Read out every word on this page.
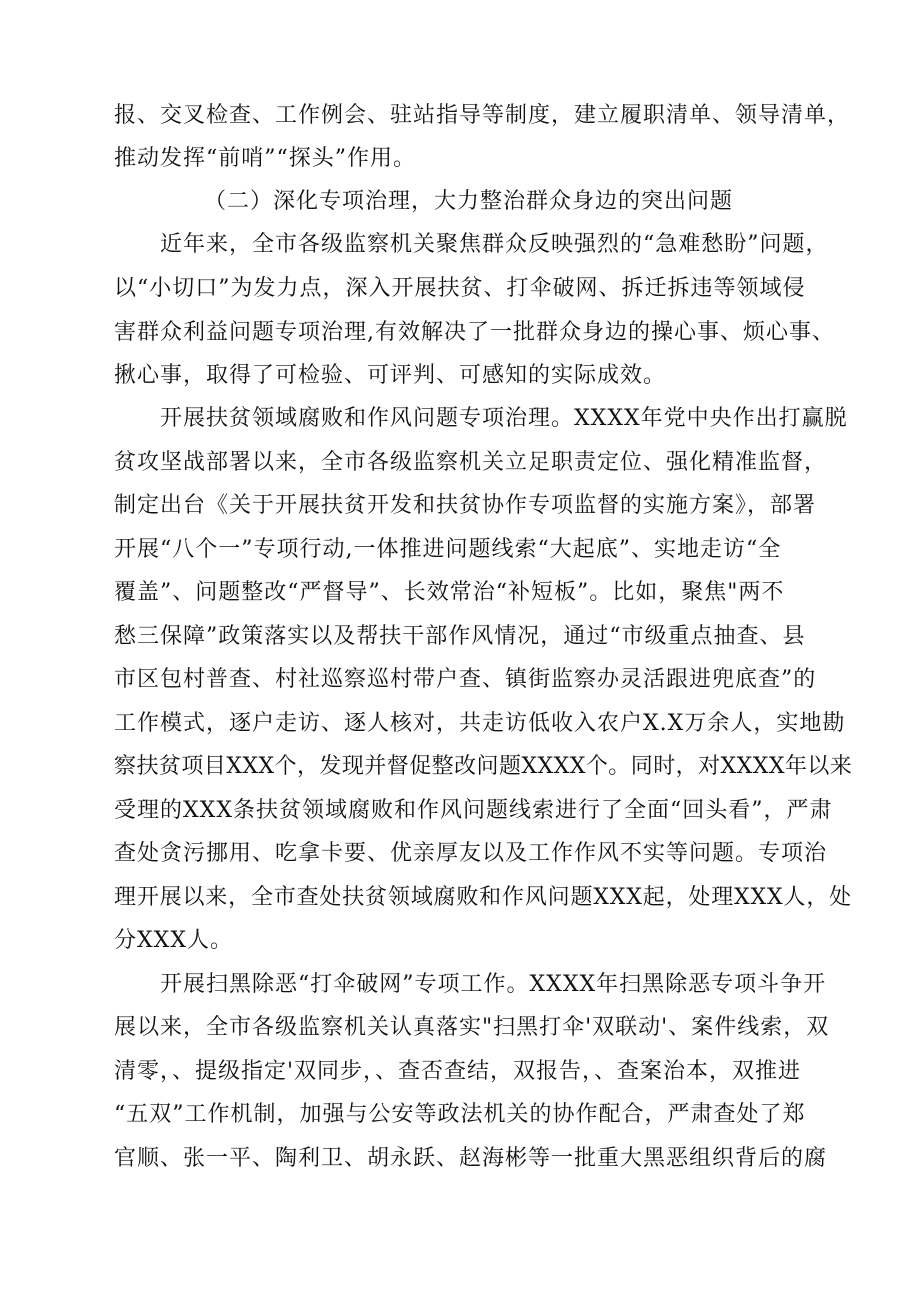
报、交叉检查、工作例会、驻站指导等制度，建立履职清单、领导清单，
推动发挥“前哨”“探头”作用。
（二）深化专项治理，大力整治群众身边的突出问题
近年来，全市各级监察机关聚焦群众反映强烈的“急难愁盼”问题，
以“小切口”为发力点，深入开展扶贫、打伞破网、拆迁拆违等领域侵
害群众利益问题专项治理,有效解决了一批群众身边的操心事、烦心事、
揪心事，取得了可检验、可评判、可感知的实际成效。
开展扶贫领域腐败和作风问题专项治理。XXXX年党中央作出打赢脱
贫攻坚战部署以来，全市各级监察机关立足职责定位、强化精准监督，
制定出台《关于开展扶贫开发和扶贫协作专项监督的实施方案》，部署
开展“八个一”专项行动,一体推进问题线索“大起底”、实地走访“全
覆盖”、问题整改“严督导”、长效常治“补短板”。比如，聚焦"两不
愁三保障”政策落实以及帮扶干部作风情况，通过“市级重点抽查、县
市区包村普查、村社巡察巡村带户查、镇街监察办灵活跟进兜底查”的
工作模式，逐户走访、逐人核对，共走访低收入农户X.X万余人，实地勘
察扶贫项目XXX个，发现并督促整改问题XXXX个。同时，对XXXX年以来
受理的XXX条扶贫领域腐败和作风问题线索进行了全面“回头看”，严肃
查处贪污挪用、吃拿卡要、优亲厚友以及工作作风不实等问题。专项治
理开展以来，全市查处扶贫领域腐败和作风问题XXX起，处理XXX人，处
分XXX人。
开展扫黑除恶“打伞破网”专项工作。XXXX年扫黑除恶专项斗争开
展以来，全市各级监察机关认真落实"扫黑打伞'双联动'、案件线索，双
清零，、提级指定'双同步，、查否查结，双报告，、查案治本，双推进
“五双”工作机制，加强与公安等政法机关的协作配合，严肃查处了郑
官顺、张一平、陶利卫、胡永跃、赵海彬等一批重大黑恶组织背后的腐
